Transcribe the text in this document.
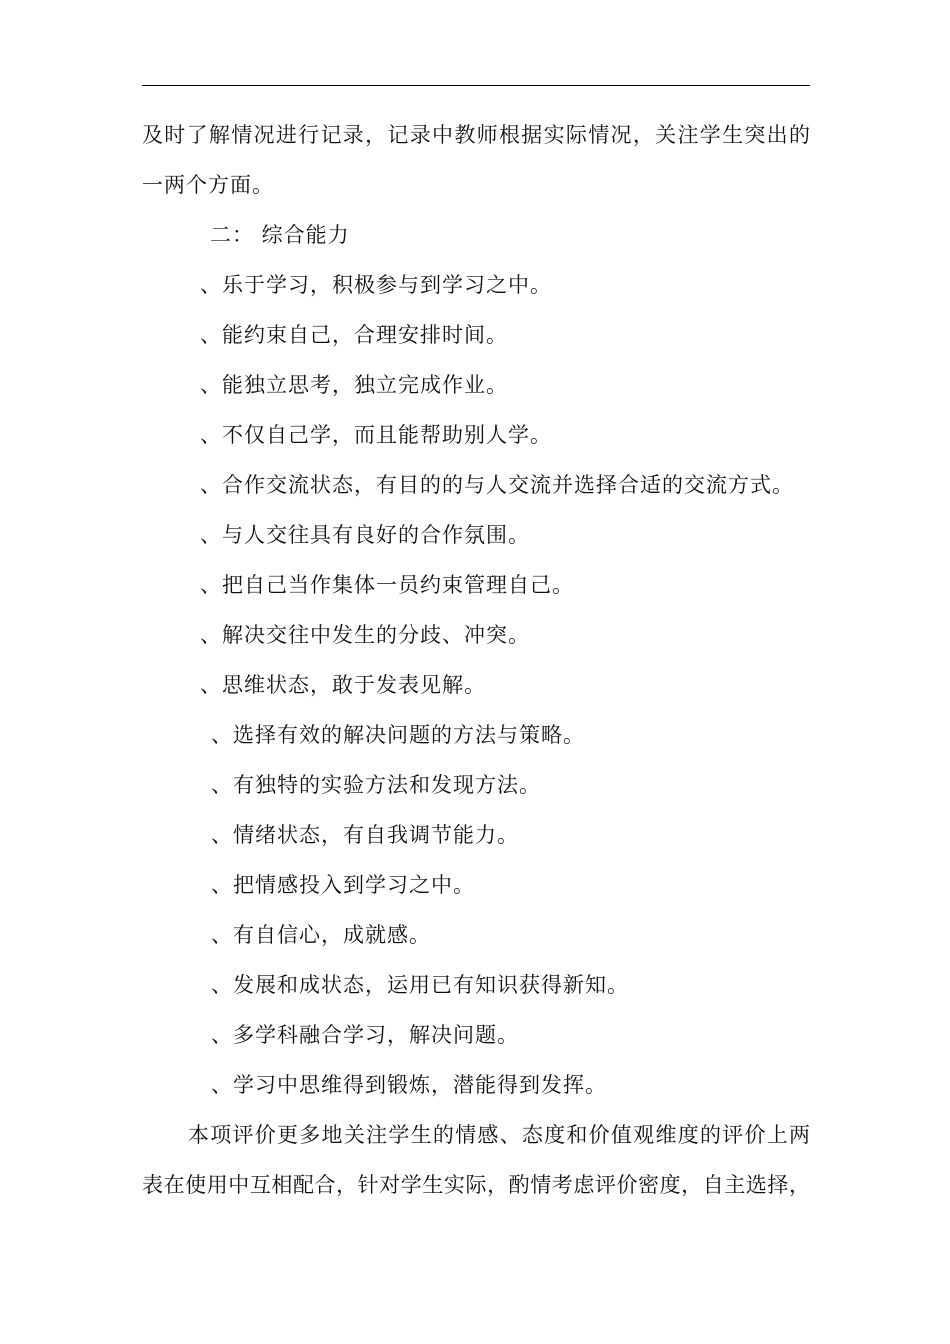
及时了解情况进行记录，记录中教师根据实际情况，关注学生突出的
一两个方面。
二： 综合能力
、乐于学习，积极参与到学习之中。
、能约束自己，合理安排时间。
、能独立思考，独立完成作业。
、不仅自己学，而且能帮助别人学。
、合作交流状态，有目的的与人交流并选择合适的交流方式。
、与人交往具有良好的合作氛围。
、把自己当作集体一员约束管理自己。
、解决交往中发生的分歧、冲突。
、思维状态，敢于发表见解。
、选择有效的解决问题的方法与策略。
、有独特的实验方法和发现方法。
、情绪状态，有自我调节能力。
、把情感投入到学习之中。
、有自信心，成就感。
、发展和成状态，运用已有知识获得新知。
、多学科融合学习，解决问题。
、学习中思维得到锻炼，潜能得到发挥。
本项评价更多地关注学生的情感、态度和价值观维度的评价上两
表在使用中互相配合，针对学生实际，酌情考虑评价密度，自主选择，
